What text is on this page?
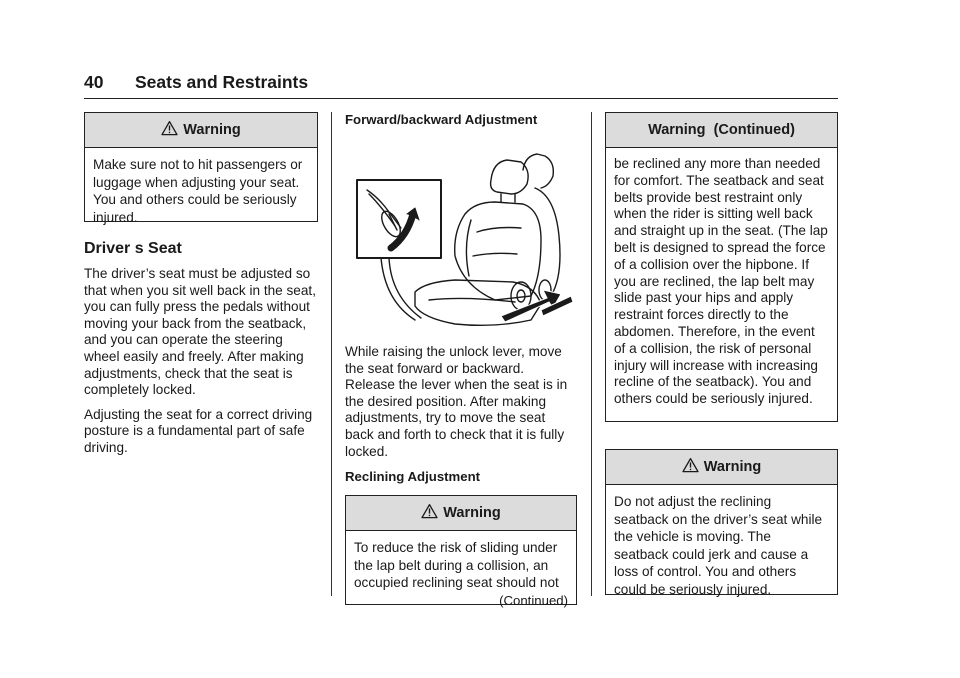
40 Seats and Restraints
Warning
Make sure not to hit passengers or luggage when adjusting your seat. You and others could be seriously injured.
Driver s Seat

The driver’s seat must be adjusted so that when you sit well back in the seat, you can fully press the pedals without moving your back from the seatback, and you can operate the steering wheel easily and freely. After making adjustments, check that the seat is completely locked.

Adjusting the seat for a correct driving posture is a fundamental part of safe driving.

Forward/backward Adjustment

While raising the unlock lever, move the seat forward or backward. Release the lever when the seat is in the desired position. After making adjustments, try to move the seat back and forth to check that it is fully locked.

Reclining Adjustment
Warning
To reduce the risk of sliding under the lap belt during a collision, an occupied reclining seat should not
(Continued)
Warning  (Continued)
be reclined any more than needed for comfort. The seatback and seat belts provide best restraint only when the rider is sitting well back and straight up in the seat. (The lap belt is designed to spread the force of a collision over the hipbone. If you are reclined, the lap belt may slide past your hips and apply restraint forces directly to the abdomen. Therefore, in the event of a collision, the risk of personal injury will increase with increasing recline of the seatback). You and others could be seriously injured.
Warning
Do not adjust the reclining seatback on the driver’s seat while the vehicle is moving. The seatback could jerk and cause a loss of control. You and others could be seriously injured.
